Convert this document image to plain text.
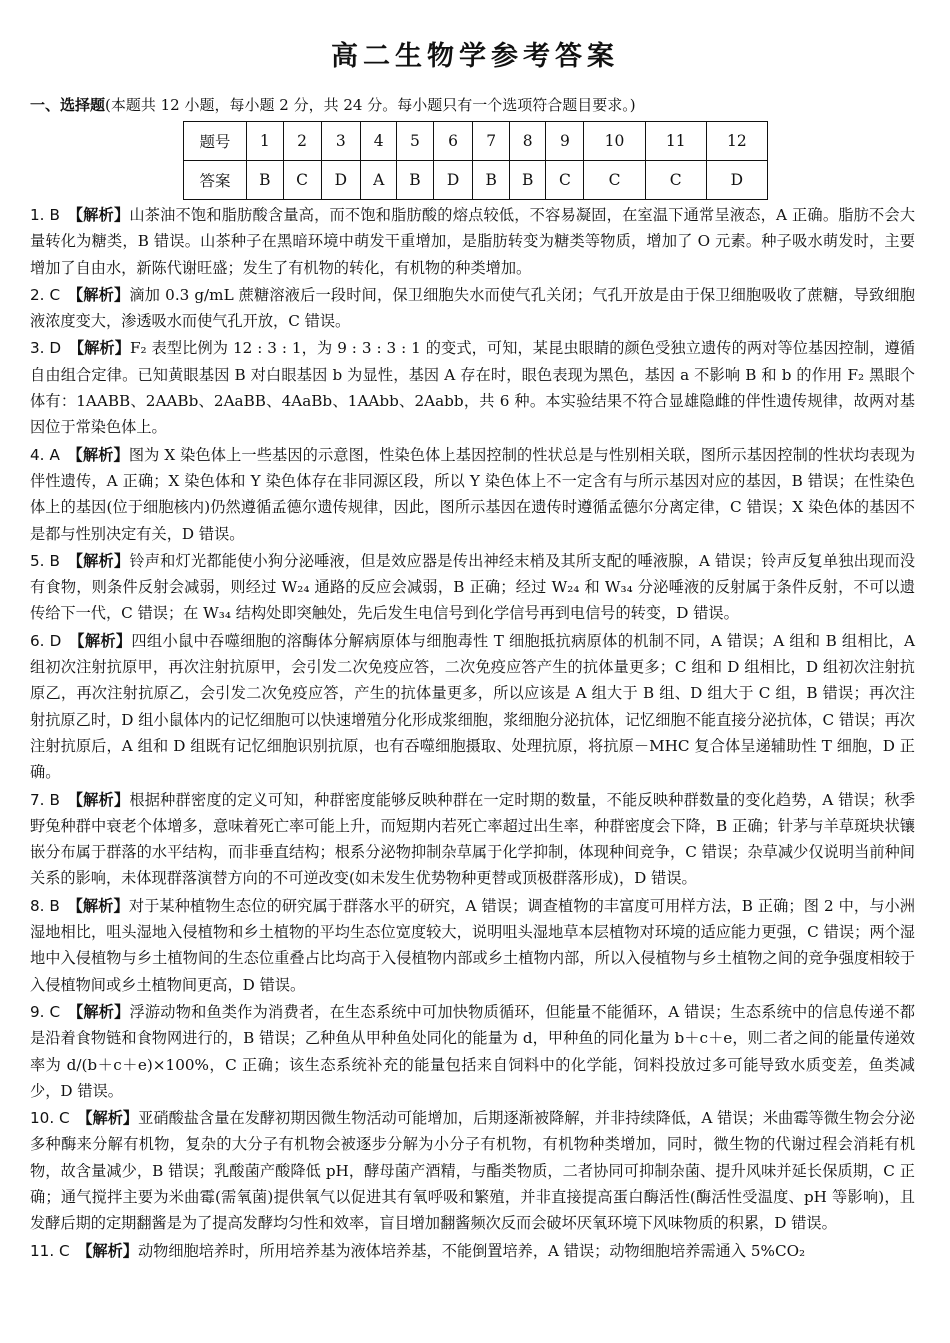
高二生物学参考答案
一、选择题(本题共 12 小题，每小题 2 分，共 24 分。每小题只有一个选项符合题目要求。)
题号	1	2	3	4	5	6	7	8	9	10	11	12
答案	B	C	D	A	B	D	B	B	C	C	C	D
1. B  【解析】山茶油不饱和脂肪酸含量高，而不饱和脂肪酸的熔点较低，不容易凝固，在室温下通常呈液态，A 正确。脂肪不会大量转化为糖类，B 错误。山茶种子在黑暗环境中萌发干重增加，是脂肪转变为糖类等物质，增加了 O 元素。种子吸水萌发时，主要增加了自由水，新陈代谢旺盛；发生了有机物的转化，有机物的种类增加。
2. C  【解析】滴加 0.3 g/mL 蔗糖溶液后一段时间，保卫细胞失水而使气孔关闭；气孔开放是由于保卫细胞吸收了蔗糖，导致细胞液浓度变大，渗透吸水而使气孔开放，C 错误。
3. D  【解析】F₂ 表型比例为 12 : 3 : 1，为 9 : 3 : 3 : 1 的变式，可知，某昆虫眼睛的颜色受独立遗传的两对等位基因控制，遵循自由组合定律。已知黄眼基因 B 对白眼基因 b 为显性，基因 A 存在时，眼色表现为黑色，基因 a 不影响 B 和 b 的作用 F₂ 黑眼个体有：1AABB、2AABb、2AaBB、4AaBb、1AAbb、2Aabb，共 6 种。本实验结果不符合显雄隐雌的伴性遗传规律，故两对基因位于常染色体上。
4. A  【解析】图为 X 染色体上一些基因的示意图，性染色体上基因控制的性状总是与性别相关联，图所示基因控制的性状均表现为伴性遗传，A 正确；X 染色体和 Y 染色体存在非同源区段，所以 Y 染色体上不一定含有与所示基因对应的基因，B 错误；在性染色体上的基因(位于细胞核内)仍然遵循孟德尔遗传规律，因此，图所示基因在遗传时遵循孟德尔分离定律，C 错误；X 染色体的基因不是都与性别决定有关，D 错误。
5. B  【解析】铃声和灯光都能使小狗分泌唾液，但是效应器是传出神经末梢及其所支配的唾液腺，A 错误；铃声反复单独出现而没有食物，则条件反射会减弱，则经过 W₂₄ 通路的反应会减弱，B 正确；经过 W₂₄ 和 W₃₄ 分泌唾液的反射属于条件反射，不可以遗传给下一代，C 错误；在 W₃₄ 结构处即突触处，先后发生电信号到化学信号再到电信号的转变，D 错误。
6. D  【解析】四组小鼠中吞噬细胞的溶酶体分解病原体与细胞毒性 T 细胞抵抗病原体的机制不同，A 错误；A 组和 B 组相比，A 组初次注射抗原甲，再次注射抗原甲，会引发二次免疫应答，二次免疫应答产生的抗体量更多；C 组和 D 组相比，D 组初次注射抗原乙，再次注射抗原乙，会引发二次免疫应答，产生的抗体量更多，所以应该是 A 组大于 B 组、D 组大于 C 组，B 错误；再次注射抗原乙时，D 组小鼠体内的记忆细胞可以快速增殖分化形成浆细胞，浆细胞分泌抗体，记忆细胞不能直接分泌抗体，C 错误；再次注射抗原后，A 组和 D 组既有记忆细胞识别抗原，也有吞噬细胞摄取、处理抗原，将抗原－MHC 复合体呈递辅助性 T 细胞，D 正确。
7. B  【解析】根据种群密度的定义可知，种群密度能够反映种群在一定时期的数量，不能反映种群数量的变化趋势，A 错误；秋季野兔种群中衰老个体增多，意味着死亡率可能上升，而短期内若死亡率超过出生率，种群密度会下降，B 正确；针茅与羊草斑块状镶嵌分布属于群落的水平结构，而非垂直结构；根系分泌物抑制杂草属于化学抑制，体现种间竞争，C 错误；杂草减少仅说明当前种间关系的影响，未体现群落演替方向的不可逆改变(如未发生优势物种更替或顶极群落形成)，D 错误。
8. B  【解析】对于某种植物生态位的研究属于群落水平的研究，A 错误；调查植物的丰富度可用样方法，B 正确；图 2 中，与小洲湿地相比，咀头湿地入侵植物和乡土植物的平均生态位宽度较大，说明咀头湿地草本层植物对环境的适应能力更强，C 错误；两个湿地中入侵植物与乡土植物间的生态位重叠占比均高于入侵植物内部或乡土植物内部，所以入侵植物与乡土植物之间的竞争强度相较于入侵植物间或乡土植物间更高，D 错误。
9. C  【解析】浮游动物和鱼类作为消费者，在生态系统中可加快物质循环，但能量不能循环，A 错误；生态系统中的信息传递不都是沿着食物链和食物网进行的，B 错误；乙种鱼从甲种鱼处同化的能量为 d，甲种鱼的同化量为 b＋c＋e，则二者之间的能量传递效率为 d/(b＋c＋e)×100%，C 正确；该生态系统补充的能量包括来自饲料中的化学能，饲料投放过多可能导致水质变差，鱼类减少，D 错误。
10. C  【解析】亚硝酸盐含量在发酵初期因微生物活动可能增加，后期逐渐被降解，并非持续降低，A 错误；米曲霉等微生物会分泌多种酶来分解有机物，复杂的大分子有机物会被逐步分解为小分子有机物，有机物种类增加，同时，微生物的代谢过程会消耗有机物，故含量减少，B 错误；乳酸菌产酸降低 pH，酵母菌产酒精，与酯类物质，二者协同可抑制杂菌、提升风味并延长保质期，C 正确；通气搅拌主要为米曲霉(需氧菌)提供氧气以促进其有氧呼吸和繁殖，并非直接提高蛋白酶活性(酶活性受温度、pH 等影响)，且发酵后期的定期翻酱是为了提高发酵均匀性和效率，盲目增加翻酱频次反而会破坏厌氧环境下风味物质的积累，D 错误。
11. C  【解析】动物细胞培养时，所用培养基为液体培养基，不能倒置培养，A 错误；动物细胞培养需通入 5%CO₂
